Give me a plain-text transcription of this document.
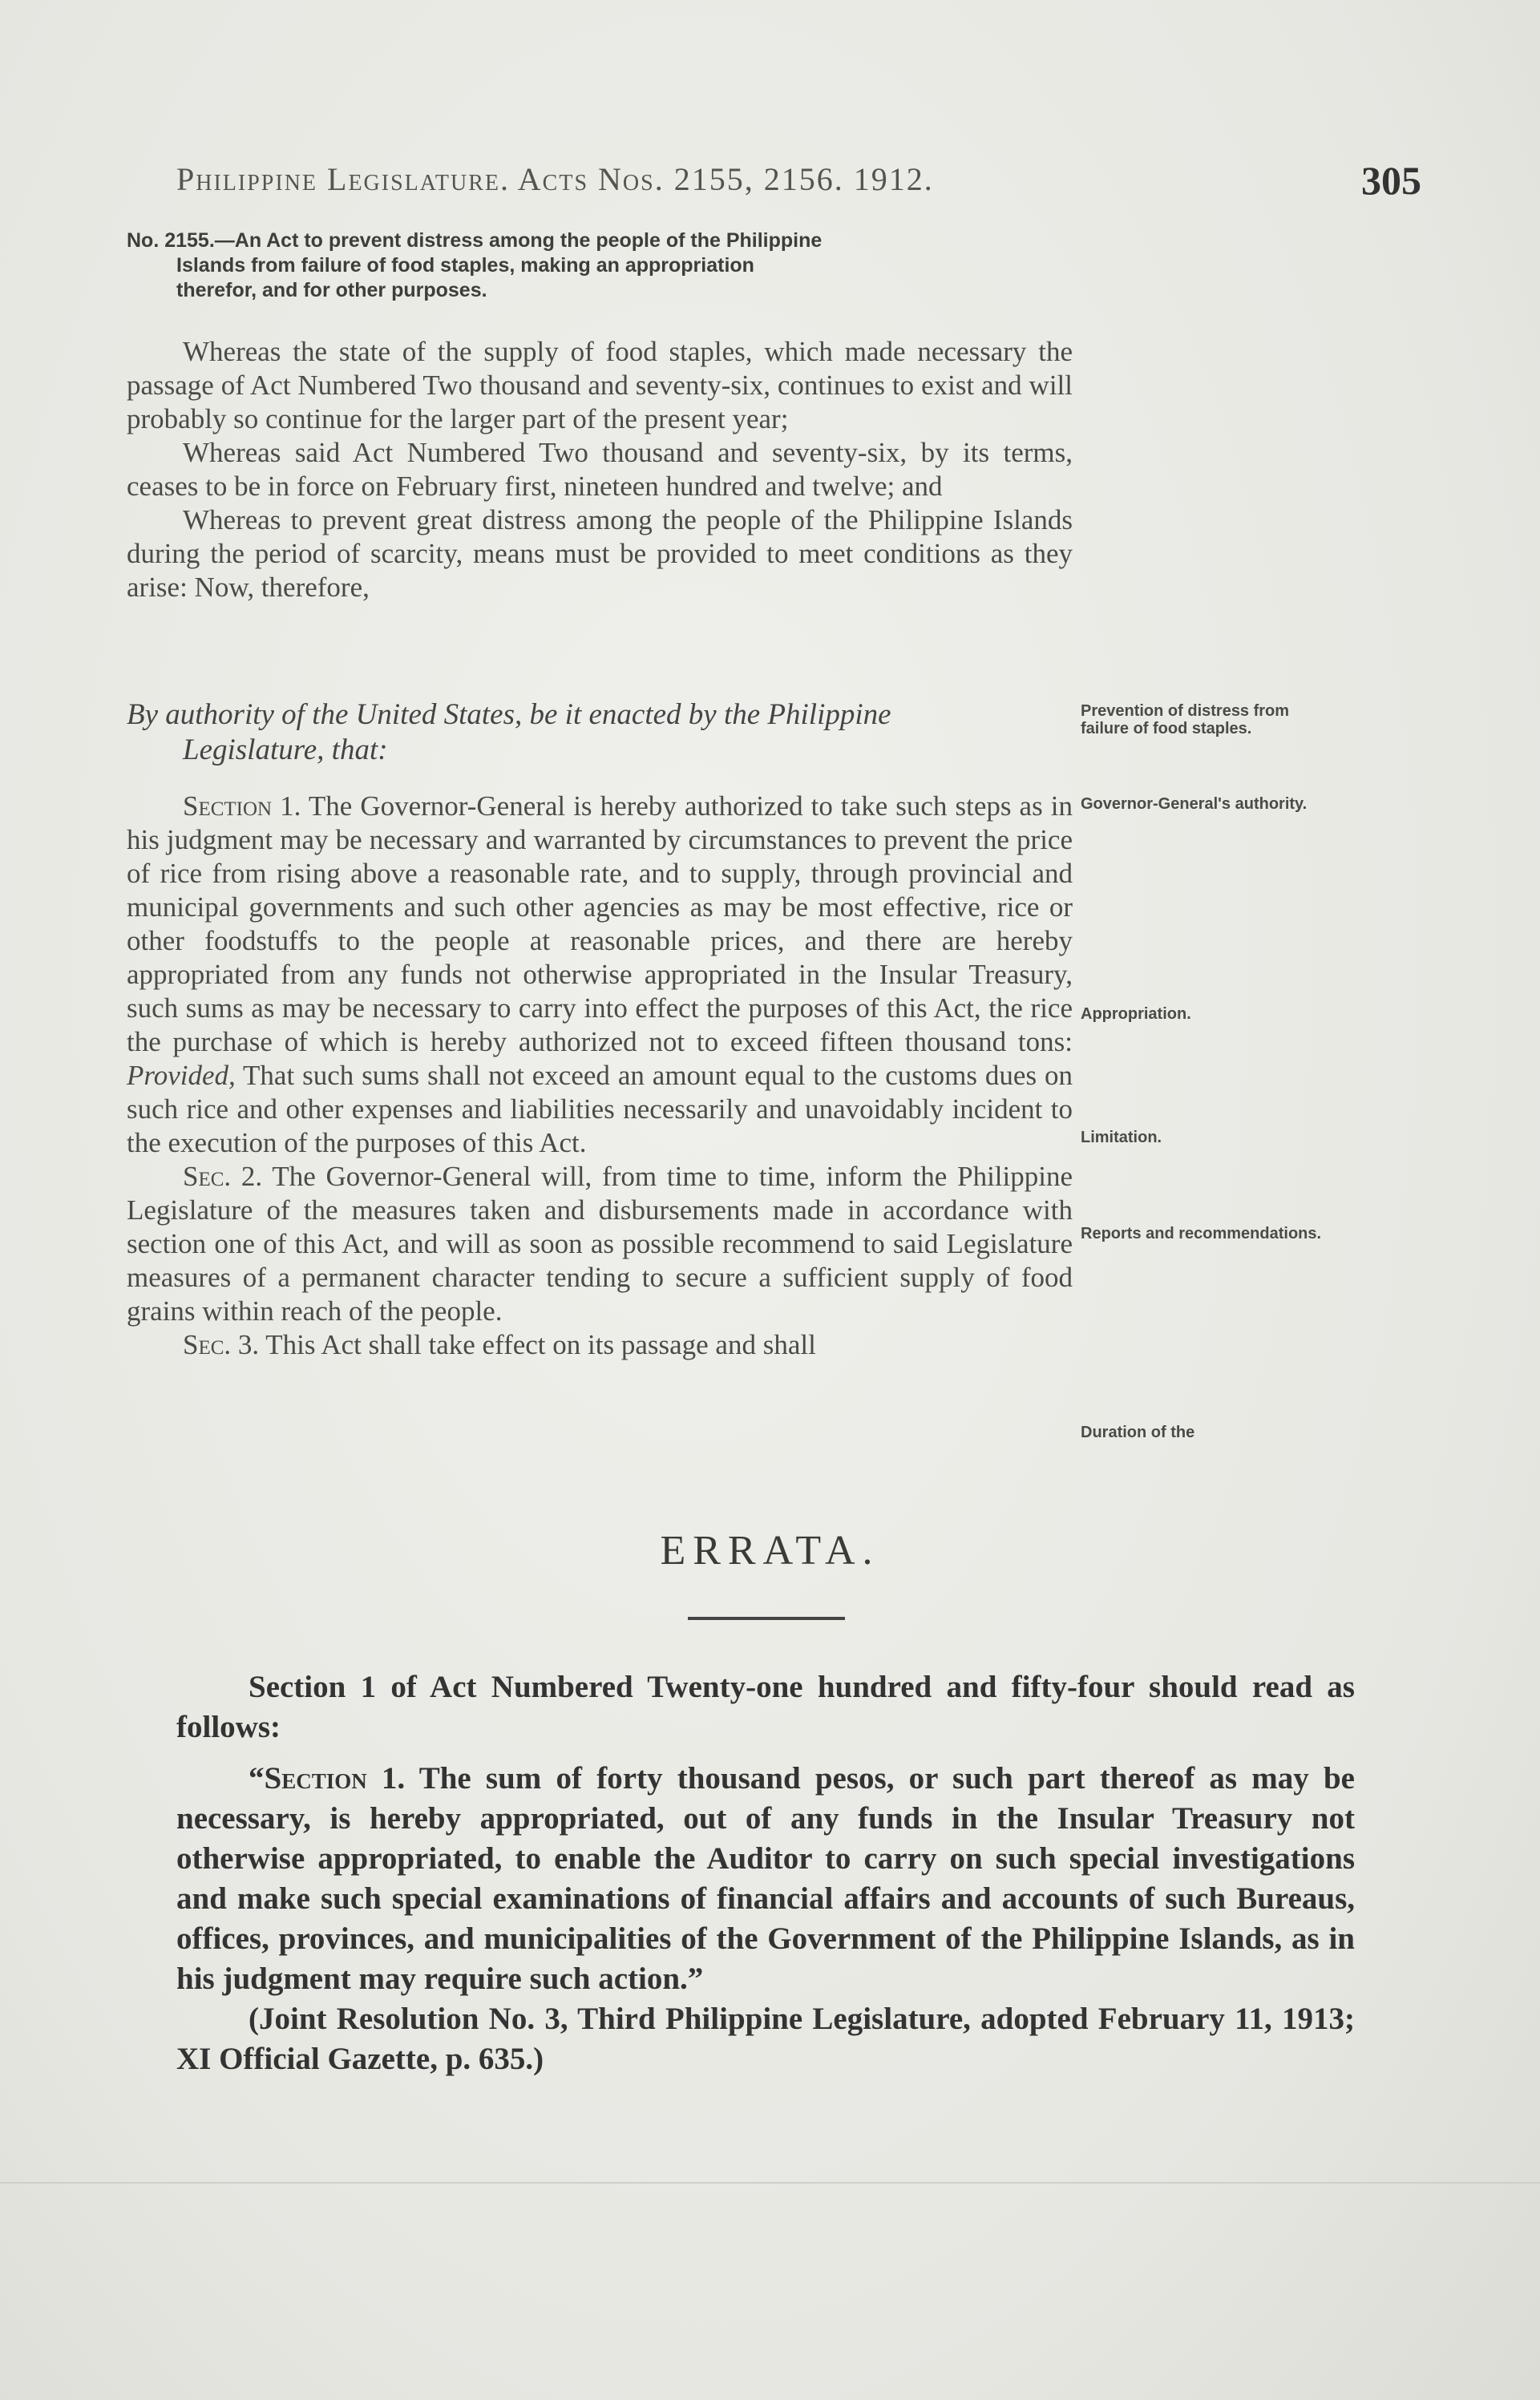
Philippine Legislature. Acts Nos. 2155, 2156. 1912.	305
No. 2155.—An Act to prevent distress among the people of the Philippine
Islands from failure of food staples, making an appropriation
therefor, and for other purposes.

Whereas the state of the supply of food staples, which made necessary the passage of Act Numbered Two thousand and seventy-six, continues to exist and will probably so continue for the larger part of the present year;

Whereas said Act Numbered Two thousand and seventy-six, by its terms, ceases to be in force on February first, nineteen hundred and twelve; and

Whereas to prevent great distress among the people of the Philippine Islands during the period of scarcity, means must be provided to meet conditions as they arise: Now, therefore,

By authority of the United States, be it enacted by the Philippine
Legislature, that:

Section 1. The Governor-General is hereby authorized to take such steps as in his judgment may be necessary and warranted by circumstances to prevent the price of rice from rising above a reasonable rate, and to supply, through provincial and municipal governments and such other agencies as may be most effective, rice or other foodstuffs to the people at reasonable prices, and there are hereby appropriated from any funds not otherwise appropriated in the Insular Treasury, such sums as may be necessary to carry into effect the purposes of this Act, the rice the purchase of which is hereby authorized not to exceed fifteen thousand tons: Provided, That such sums shall not exceed an amount equal to the customs dues on such rice and other expenses and liabilities necessarily and unavoidably incident to the execution of the purposes of this Act.

Sec. 2. The Governor-General will, from time to time, inform the Philippine Legislature of the measures taken and disbursements made in accordance with section one of this Act, and will as soon as possible recommend to said Legislature measures of a permanent character tending to secure a sufficient supply of food grains within reach of the people.

Sec. 3. This Act shall take effect on its passage and shall

Prevention of distress from failure of food staples.
Governor-General's authority.
Appropriation.
Limitation.
Reports and recommendations.
Duration of the
ERRATA.

Section 1 of Act Numbered Twenty-one hundred and fifty-four should read as follows:

“Section 1. The sum of forty thousand pesos, or such part thereof as may be necessary, is hereby appropriated, out of any funds in the Insular Treasury not otherwise appropriated, to enable the Auditor to carry on such special investigations and make such special examinations of financial affairs and accounts of such Bureaus, offices, provinces, and municipalities of the Government of the Philippine Islands, as in his judgment may require such action.”

(Joint Resolution No. 3, Third Philippine Legislature, adopted February 11, 1913; XI Official Gazette, p. 635.)
